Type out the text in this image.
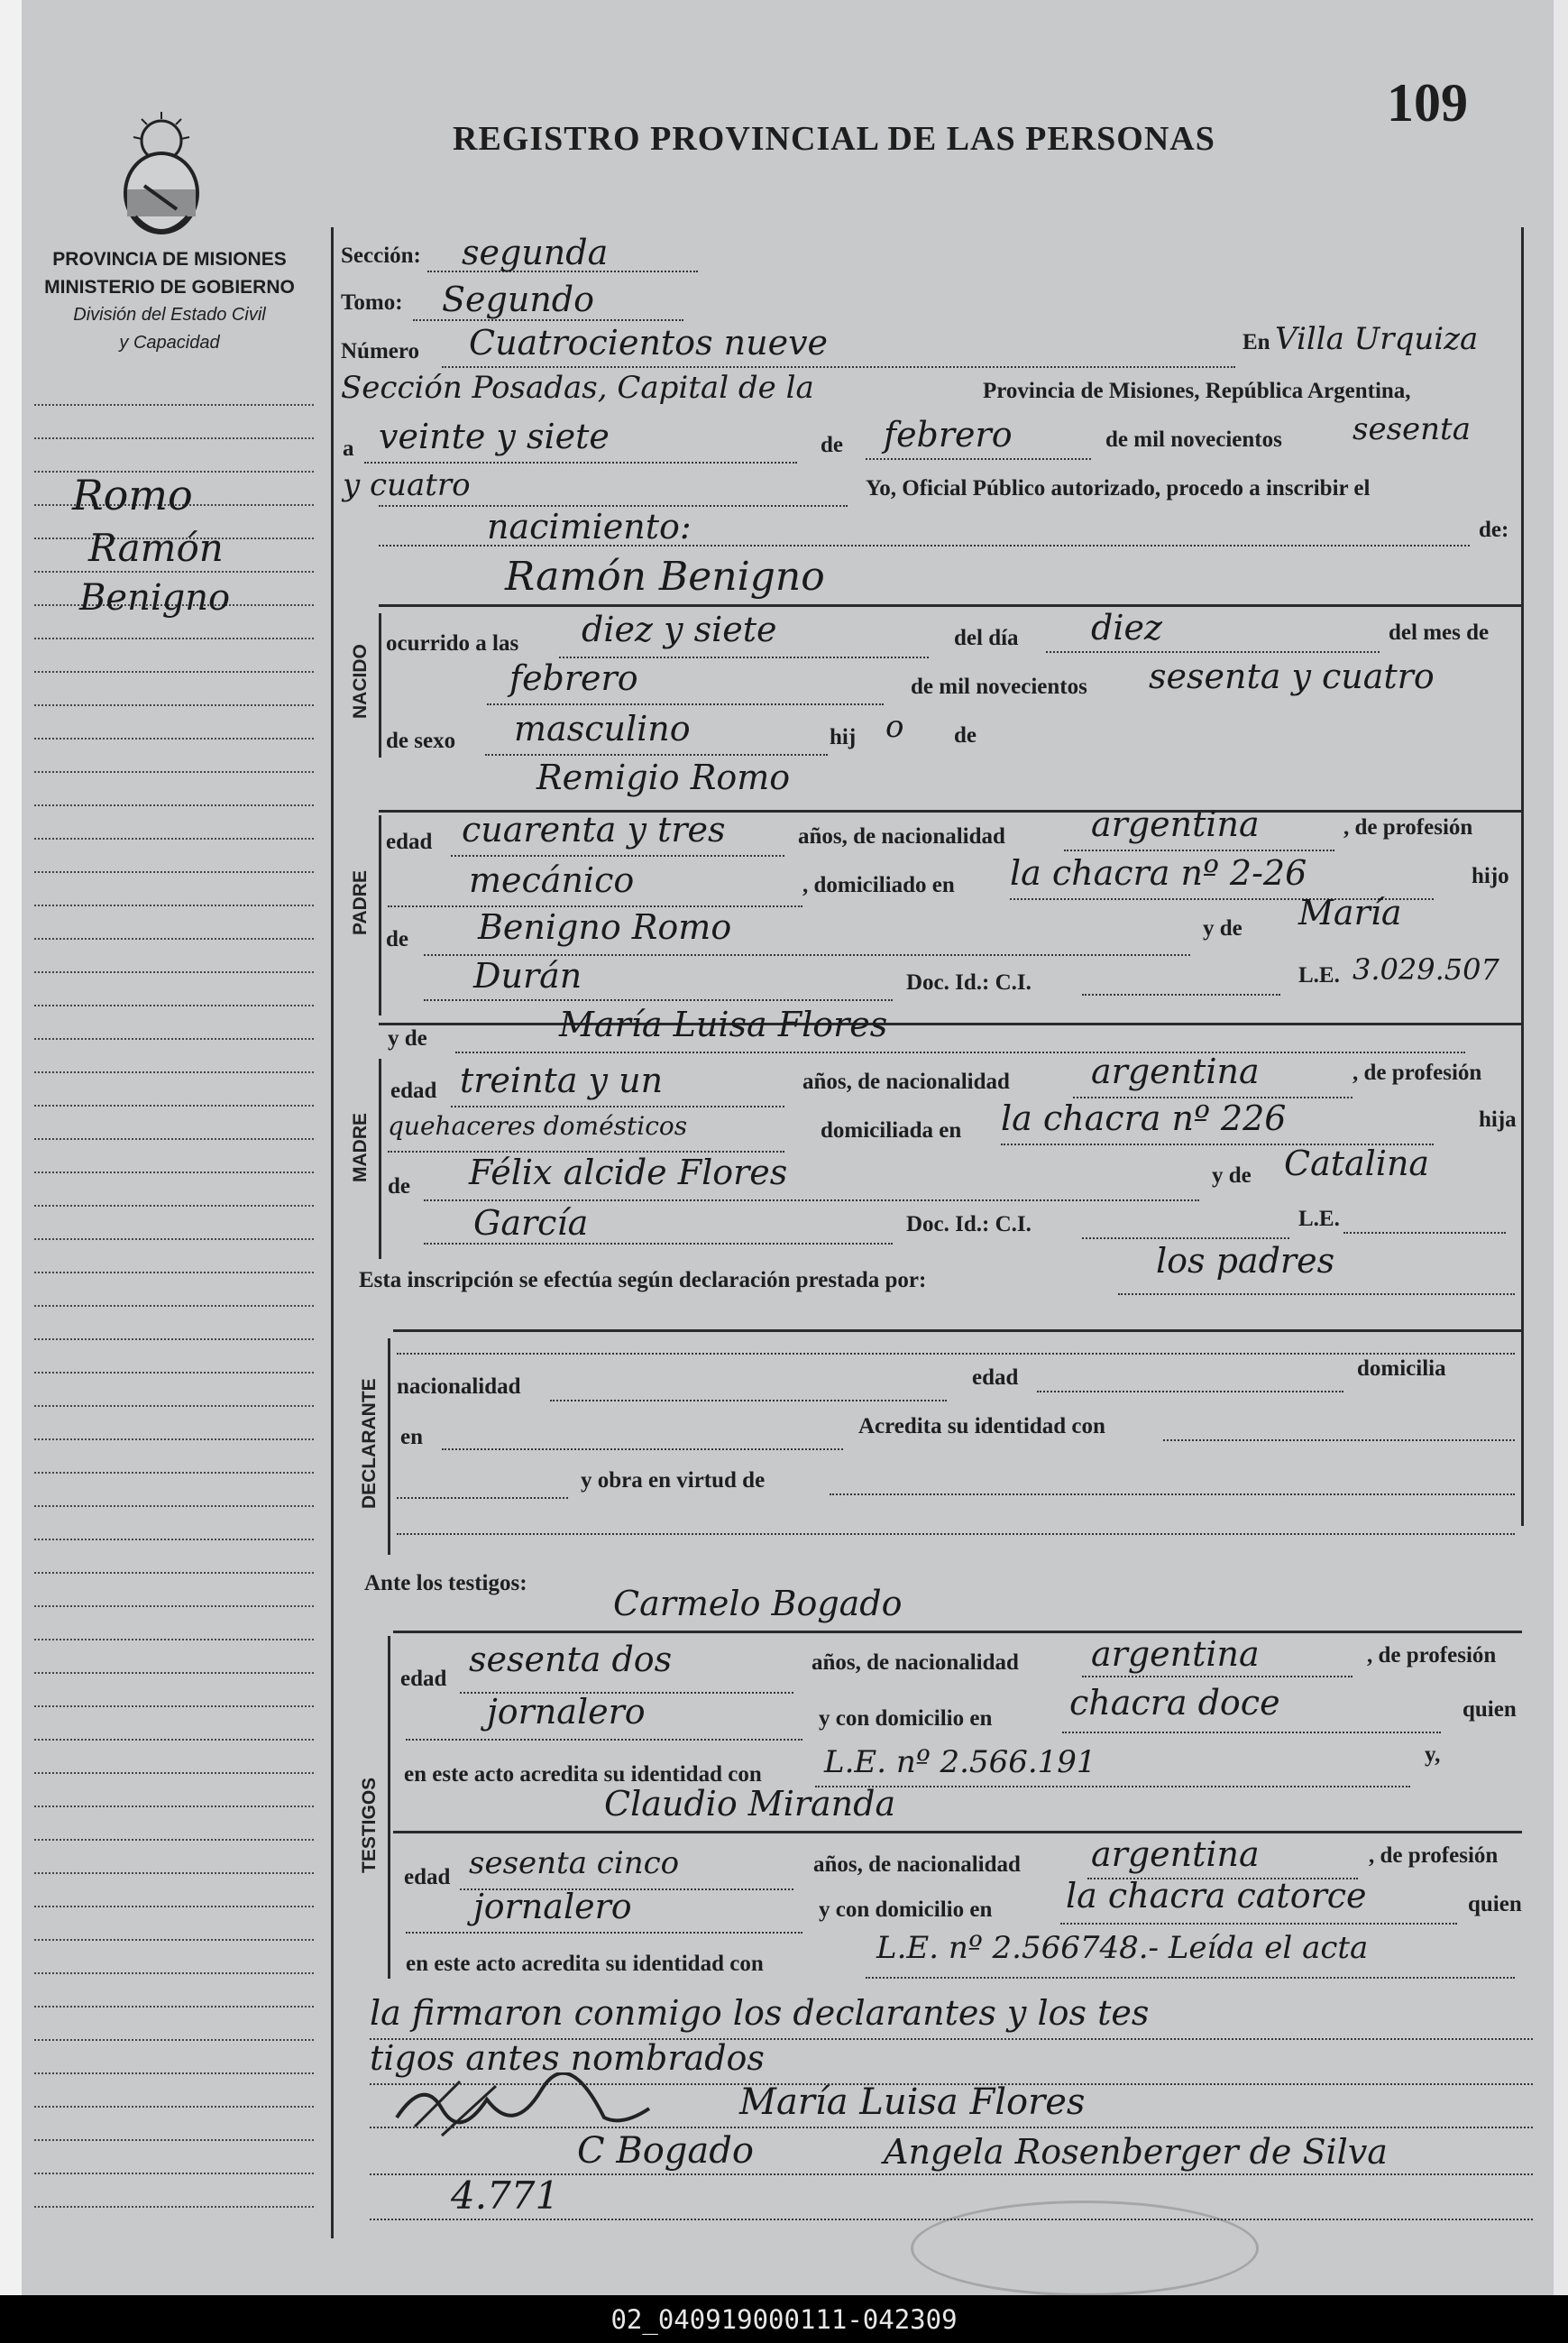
REGISTRO PROVINCIAL DE LAS PERSONAS
109
PROVINCIA DE MISIONES
MINISTERIO DE GOBIERNO
División del Estado Civil
y Capacidad
Romo
Ramón
Benigno
Sección: segunda
Tomo: Segundo
Número Cuatrocientos nueve	En Villa Urquiza
Sección Posadas, Capital de la	Provincia de Misiones, República Argentina,
a veinte y siete	de febrero	de mil novecientos sesenta
y cuatro	Yo, Oficial Público autorizado, procedo a inscribir el
nacimiento:	de:
Ramón Benigno
NACIDO
ocurrido a las diez y siete	del día diez	del mes de
febrero	de mil novecientos sesenta y cuatro
de sexo masculino	hij o de
Remigio Romo
PADRE
edad cuarenta y tres	años, de nacionalidad	argentina	, de profesión
mecánico	, domiciliado en la chacra nº 2-26	hijo
de Benigno Romo	y de María
Durán	Doc. Id.: C.I.	L.E. 3.029.507
y de	María Luisa Flores
MADRE
edad treinta y un	años, de nacionalidad argentina	, de profesión
quehaceres domésticos	domiciliada en la chacra nº 226	hija
de Félix alcide Flores	y de Catalina
García	Doc. Id.: C.I.	L.E.
Esta inscripción se efectúa según declaración prestada por:	los padres
DECLARANTE nacionalidad	edad	domicilia
en	Acredita su identidad con
y obra en virtud de
Ante los testigos:
Carmelo Bogado
TESTIGOS
edad sesenta dos	años, de nacionalidad argentina	, de profesión
jornalero	y con domicilio en chacra doce	quien
en este acto acredita su identidad con L.E. nº 2.566.191	y,
Claudio Miranda
edad sesenta cinco	años, de nacionalidad argentina	, de profesión
jornalero	y con domicilio en la chacra catorce	quien
en este acto acredita su identidad con	L.E. nº 2.566748.- Leída el acta
la firmaron conmigo los declarantes y los tes
tigos antes nombrados
María Luisa Flores
C Bogado	Angela Rosenberger de Silva
4.771
02_040919000111-042309
